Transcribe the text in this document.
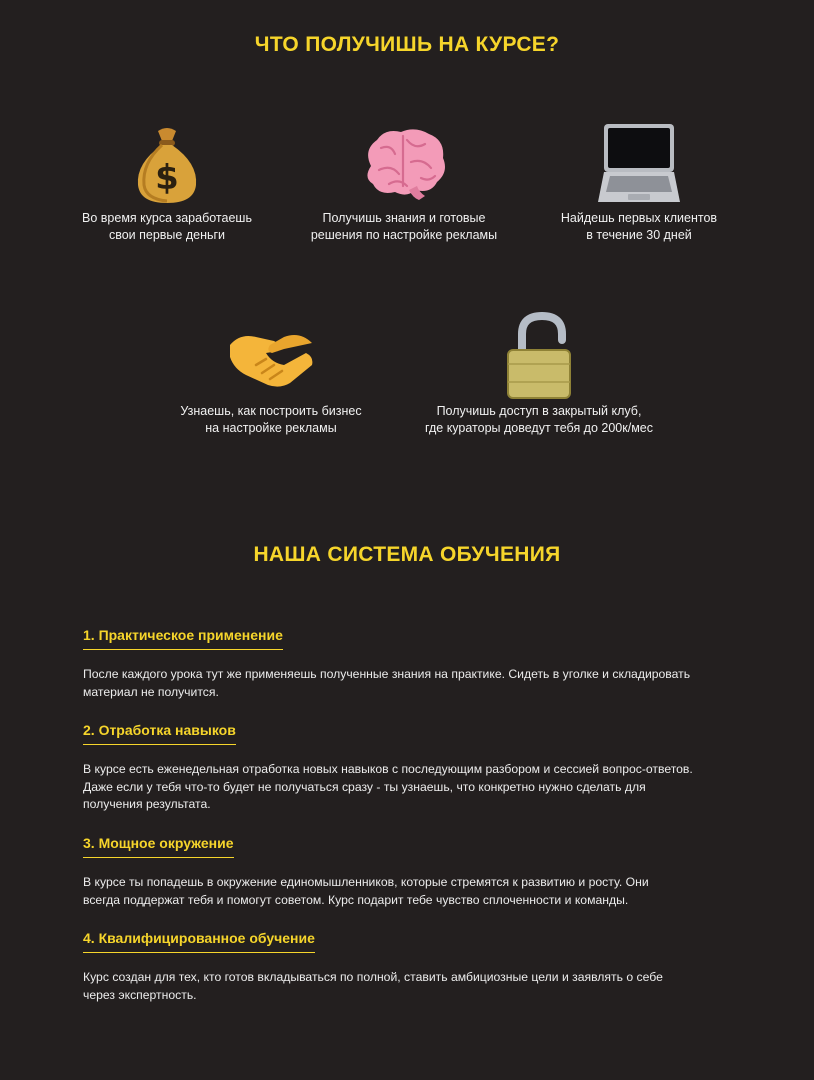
ЧТО ПОЛУЧИШЬ НА КУРСЕ?
$
Во время курса заработаешь
свои первые деньги
Получишь знания и готовые
решения по настройке рекламы
Найдешь первых клиентов
в течение 30 дней
Узнаешь, как построить бизнес
на настройке рекламы
Получишь доступ в закрытый клуб,
где кураторы доведут тебя до 200к/мес
НАША СИСТЕМА ОБУЧЕНИЯ
1. Практическое применение
После каждого урока тут же применяешь полученные знания на практике. Сидеть в уголке и складировать
материал не получится.
2. Отработка навыков
В курсе есть еженедельная отработка новых навыков с последующим разбором и сессией вопрос-ответов.
Даже если у тебя что-то будет не получаться сразу - ты узнаешь, что конкретно нужно сделать для
получения результата.
3. Мощное окружение
В курсе ты попадешь в окружение единомышленников, которые стремятся к развитию и росту. Они
всегда поддержат тебя и помогут советом. Курс подарит тебе чувство сплоченности и команды.
4. Квалифицированное обучение
Курс создан для тех, кто готов вкладываться по полной, ставить амбициозные цели и заявлять о себе
через экспертность.
